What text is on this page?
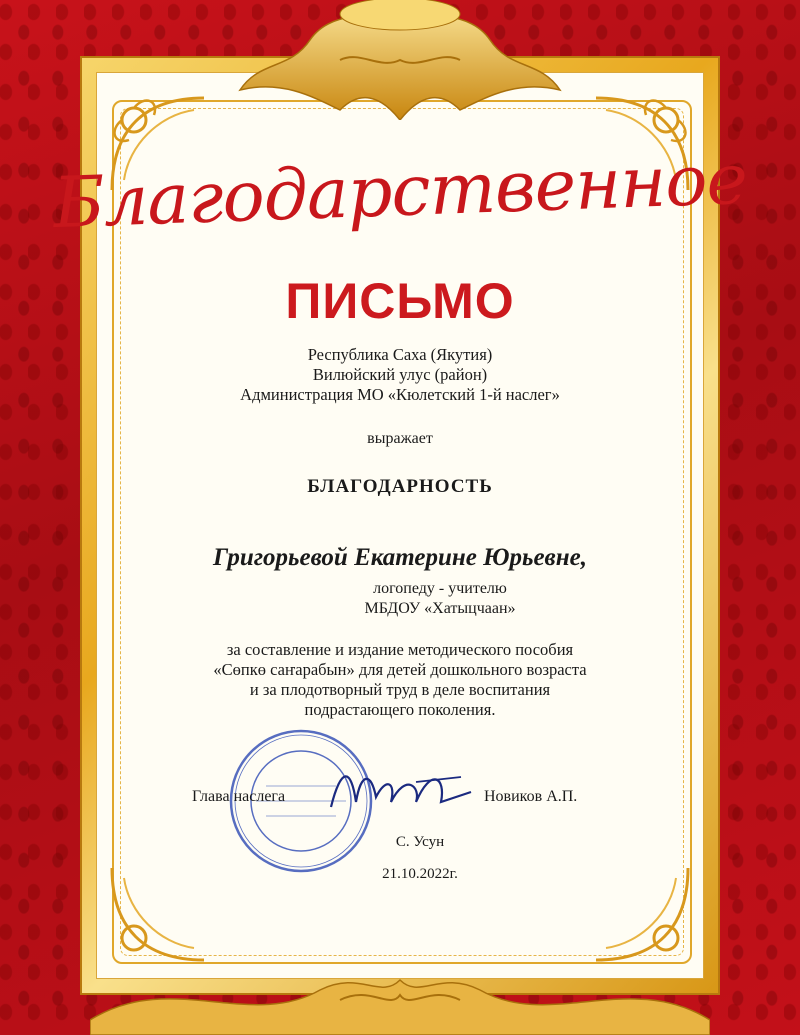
Благодарственное
ПИСЬМО
Республика Саха (Якутия)
Вилюйский улус (район)
Администрация МО «Кюлетский 1-й наслег»
выражает
БЛАГОДАРНОСТЬ
Григорьевой Екатерине Юрьевне,
логопеду - учителю
МБДОУ «Хатыцчаан»
за составление и издание методического пособия
«Сөпкө саҥарабын» для детей дошкольного возраста
и за плодотворный труд в деле воспитания
подрастающего поколения.
Глава наслега	Новиков А.П.
С. Усун
21.10.2022г.
